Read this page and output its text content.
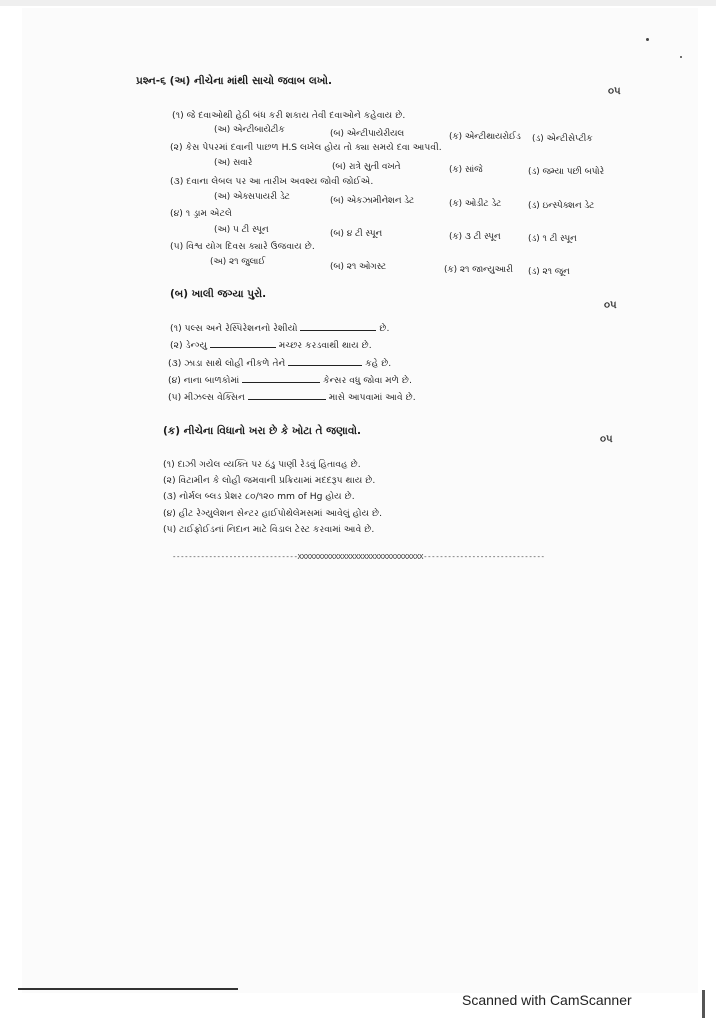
પ્રશ્ન-૬ (અ) નીચેના માંથી સાચો જવાબ લખો.
૦૫
(૧) જે દવાઓથી હેઠી બંધ કરી શકાય તેવી દવાઓને કહેવાય છે.
(અ) એન્ટીબાયેટીક	(બ) એન્ટીપાયેરીયલ	(ક) એન્ટીથાયરોઈડ (ડ) એન્ટીસેપ્ટીક
(૨) કેસ પેપરમાં દવાની પાછળ H.S લખેલ હોય તો ક્યા સમયે દવા આપવી.
(અ) સવારે	(બ) રાત્રે સુતી વખતે	(ક) સાંજે	(ડ) જમ્યા પછી બપોરે
(૩) દવાના લેબલ પર આ તારીખ અવશ્ય જોવી જોઈએ.
(અ) એક્સપાયરી ડેટ	(બ) એકઝામીનેશન ડેટ	(ક) ઓડીટ ડેટ	(ડ) ઇન્સ્પેક્શન ડેટ
(૪) ૧ ડ્રામ એટલે
(અ) ૫ ટી સ્પૂન	(બ) ૪ ટી સ્પૂન	(ક) ૩ ટી સ્પૂન	(ડ) ૧ ટી સ્પૂન
(૫) વિશ્વ યોગ દિવસ ક્યારે ઉજવાય છે.
(અ) ૨૧ જુલાઈ	(બ) ૨૧ ઓગસ્ટ	(ક) ૨૧ જાન્યુઆરી (ડ) ૨૧ જૂન
(બ) ખાલી જગ્યા પુરો.
૦૫
(૧) પલ્સ અને રેસ્પિરેશનનો રેશીયો	છે.
(૨) ડેન્ગ્યુ	મચ્છર કરડવાથી થાય છે.
(૩) ઝાડા સાથે લોહી નીકળે તેને	કહે છે.
(૪) નાના બાળકોમાં	કેન્સર વધુ જોવા મળે છે.
(૫) મીઝલ્સ વેક્સિન	માસે આપવામાં આવે છે.
(ક) નીચેના વિધાનો ખરા છે કે ખોટા તે જણાવો.
૦૫
(૧) દાઝી ગયેલ વ્યક્તિ પર ઠંડુ પાણી રેડવું હિતાવહ છે.
(૨) વિટામીન કે લોહી જમવાની પ્રક્રિયામાં મદદરૂપ થાય છે.
(૩) નોર્મલ બ્લડ પ્રેશર ૮૦/૧૨૦ mm of Hg હોય છે.
(૪) હીટ રેગ્યુલેશન સેન્ટર હાઈપોથેલેમસમાં આવેલું હોય છે.
(૫) ટાઈફોઈડનાં નિદાન માટે વિડાલ ટેસ્ટ કરવામાં આવે છે.
-------------------------------XXXXXXXXXXXXXXXXXXXXXXXXXXXXXXX------------------------------
Scanned with CamScanner
